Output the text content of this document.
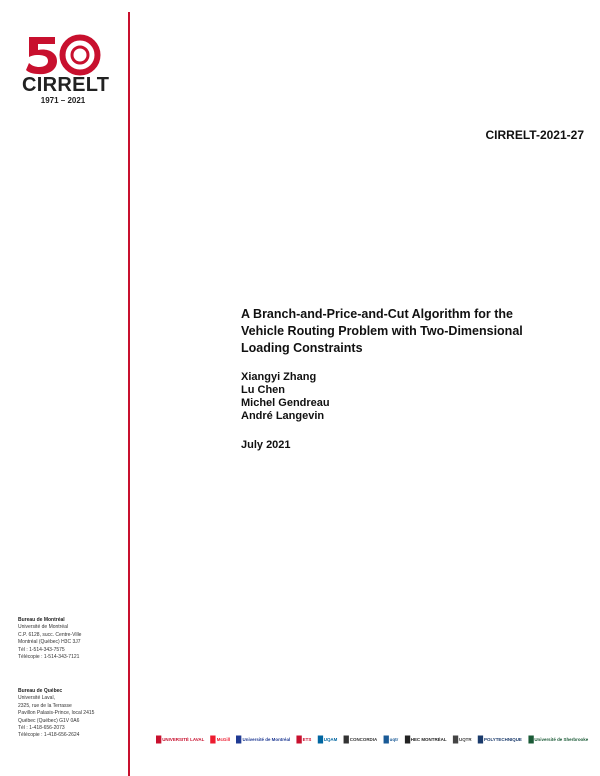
CIRRELT
1971 – 2021
CIRRELT-2021-27
A Branch-and-Price-and-Cut Algorithm for the
Vehicle Routing Problem with Two-Dimensional
Loading Constraints
Xiangyi Zhang
Lu Chen
Michel Gendreau
André Langevin
July 2021
Bureau de Montréal
Université de Montréal
C.P. 6128, succ. Centre-Ville
Montréal (Québec) H3C 3J7
Tél : 1-514-343-7575
Télécopie : 1-514-343-7121
Bureau de Québec
Université Laval,
2325, rue de la Terrasse
Pavillon Palasis-Prince, local 2415
Québec (Québec) G1V 0A6
Tél : 1-418-656-2073
Télécopie : 1-418-656-2624
UNIVERSITÉ LAVAL McGill Université de Montréal ETS UQAM CONCORDIA uqtr HEC MONTRÉAL UQTR POLYTECHNIQUE Université de Sherbrooke
